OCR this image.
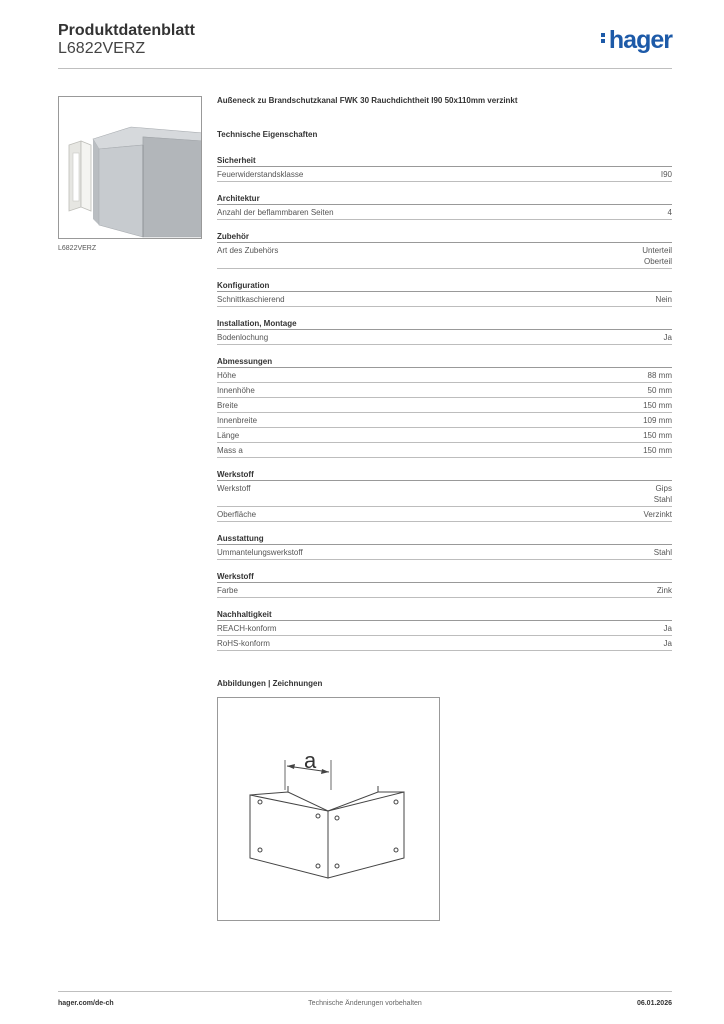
Produktdatenblatt
L6822VERZ	hager
L6822VERZ
Außeneck zu Brandschutzkanal FWK 30 Rauchdichtheit I90 50x110mm verzinkt
Technische Eigenschaften
Sicherheit
Feuerwiderstandsklasse	I90
Architektur
Anzahl der beflammbaren Seiten	4
Zubehör
Art des Zubehörs	Unterteil
Oberteil
Konfiguration
Schnittkaschierend	Nein
Installation, Montage
Bodenlochung	Ja
Abmessungen
Höhe	88 mm
Innenhöhe	50 mm
Breite	150 mm
Innenbreite	109 mm
Länge	150 mm
Mass a	150 mm
Werkstoff
Werkstoff	Gips
Stahl
Oberfläche	Verzinkt
Ausstattung
Ummantelungswerkstoff	Stahl
Werkstoff
Farbe	Zink
Nachhaltigkeit
REACH-konform	Ja
RoHS-konform	Ja
Abbildungen | Zeichnungen
a
hager.com/de-ch	Technische Änderungen vorbehalten	06.01.2026
